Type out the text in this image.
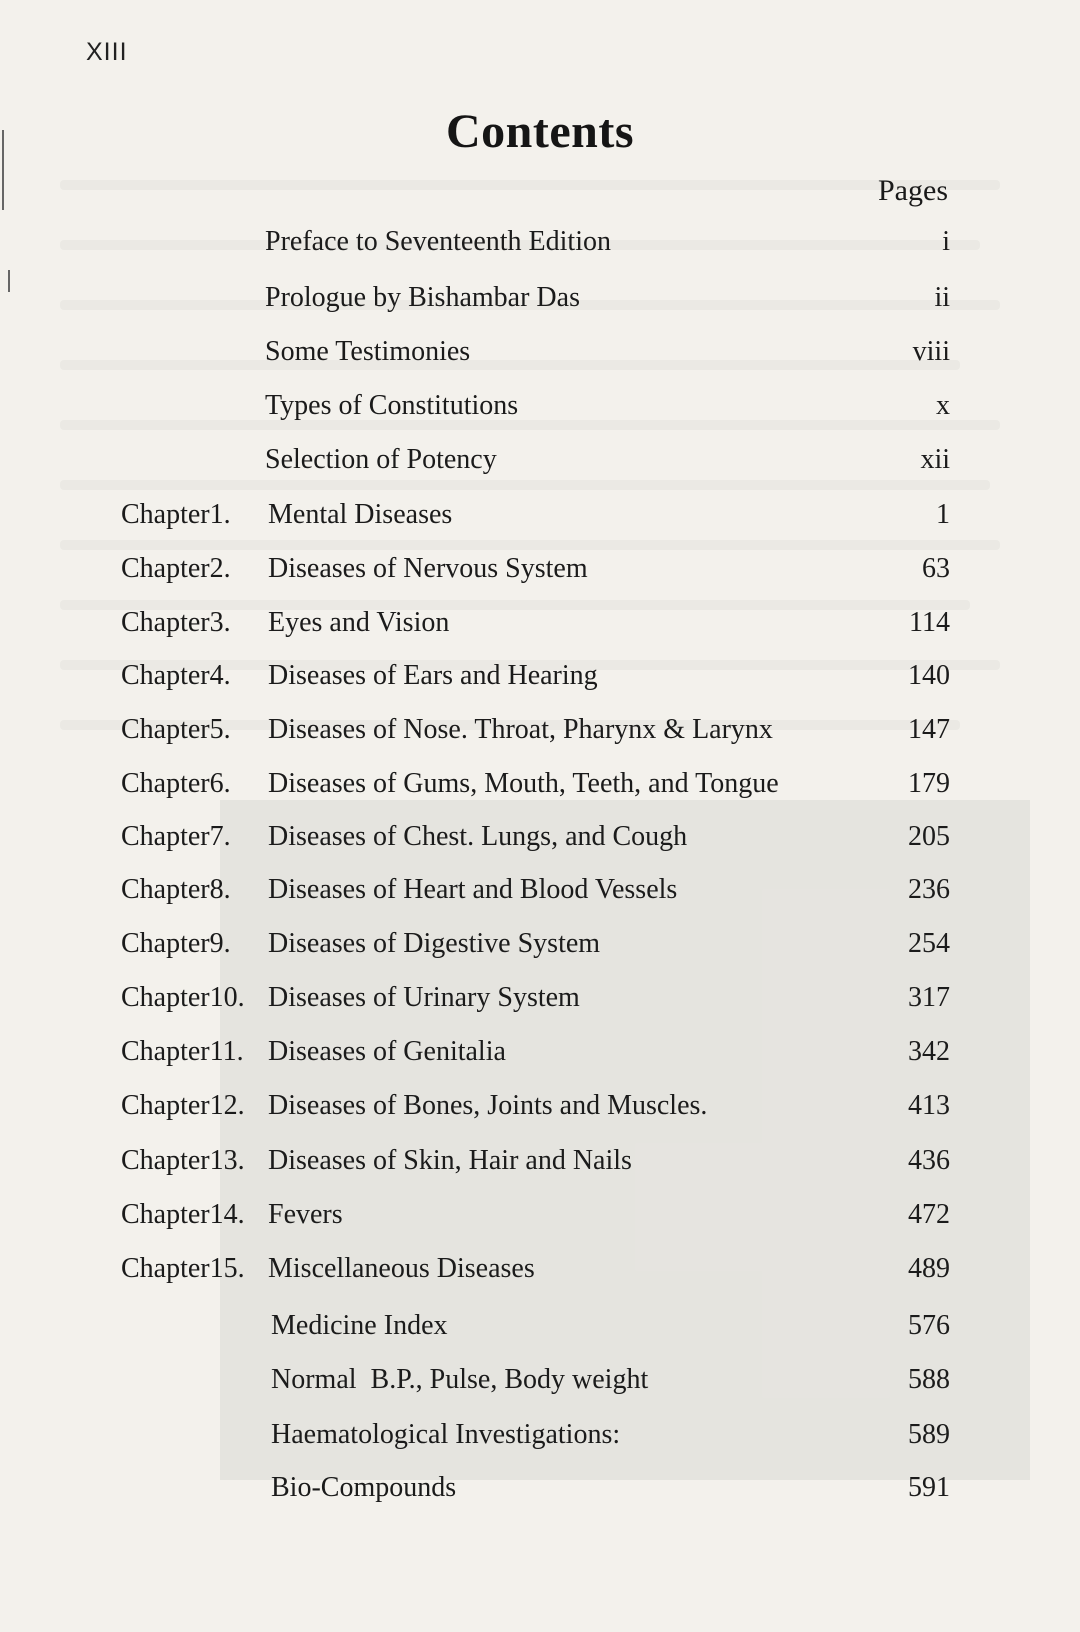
XIII
Contents
Pages
Preface to Seventeenth Edition	i
Prologue by Bishambar Das	ii
Some Testimonies	viii
Types of Constitutions	x
Selection of Potency	xii
Chapter1. Mental Diseases	1
Chapter2. Diseases of Nervous System	63
Chapter3. Eyes and Vision	114
Chapter4. Diseases of Ears and Hearing	140
Chapter5. Diseases of Nose. Throat, Pharynx & Larynx	147
Chapter6. Diseases of Gums, Mouth, Teeth, and Tongue	179
Chapter7. Diseases of Chest. Lungs, and Cough	205
Chapter8. Diseases of Heart and Blood Vessels	236
Chapter9. Diseases of Digestive System	254
Chapter10. Diseases of Urinary System	317
Chapter11. Diseases of Genitalia	342
Chapter12. Diseases of Bones, Joints and Muscles.	413
Chapter13. Diseases of Skin, Hair and Nails	436
Chapter14. Fevers	472
Chapter15. Miscellaneous Diseases	489
Medicine Index	576
Normal  B.P., Pulse, Body weight	588
Haematological Investigations:	589
Bio-Compounds	591
